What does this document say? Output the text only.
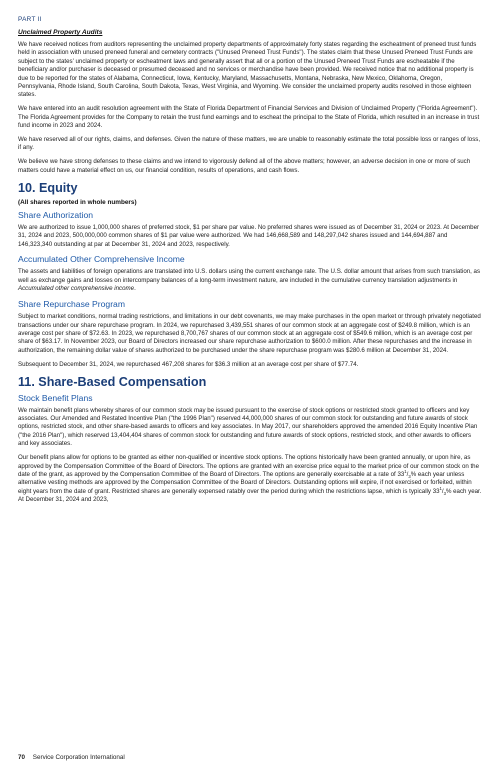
PART II
Unclaimed Property Audits

We have received notices from auditors representing the unclaimed property departments of approximately forty states regarding the escheatment of preneed trust funds held in association with unused preneed funeral and cemetery contracts ("Unused Preneed Trust Funds"). The states claim that these Unused Preneed Trust Funds are subject to the states' unclaimed property or escheatment laws and generally assert that all or a portion of the Unused Preneed Trust Funds are escheatable if the beneficiary and/or purchaser is deceased or presumed deceased and no services or merchandise have been provided. We received notice that no additional property is due to be reported for the states of Alabama, Connecticut, Iowa, Kentucky, Maryland, Massachusetts, Montana, Nebraska, New Mexico, Oklahoma, Oregon, Pennsylvania, Rhode Island, South Carolina, South Dakota, Texas, West Virginia, and Wyoming. We consider the unclaimed property audits resolved in those eighteen states.

We have entered into an audit resolution agreement with the State of Florida Department of Financial Services and Division of Unclaimed Property ("Florida Agreement"). The Florida Agreement provides for the Company to retain the trust fund earnings and to escheat the principal to the State of Florida, which resulted in an increase in trust fund income in 2023 and 2024.

We have reserved all of our rights, claims, and defenses. Given the nature of these matters, we are unable to reasonably estimate the total possible loss or ranges of loss, if any.

We believe we have strong defenses to these claims and we intend to vigorously defend all of the above matters; however, an adverse decision in one or more of such matters could have a material effect on us, our financial condition, results of operations, and cash flows.

10. Equity
(All shares reported in whole numbers)
Share Authorization

We are authorized to issue 1,000,000 shares of preferred stock, $1 per share par value. No preferred shares were issued as of December 31, 2024 or 2023. At December 31, 2024 and 2023, 500,000,000 common shares of $1 par value were authorized. We had 146,668,589 and 148,297,042 shares issued and 144,694,887 and 146,323,340 outstanding at par at December 31, 2024 and 2023, respectively.

Accumulated Other Comprehensive Income

The assets and liabilities of foreign operations are translated into U.S. dollars using the current exchange rate. The U.S. dollar amount that arises from such translation, as well as exchange gains and losses on intercompany balances of a long-term investment nature, are included in the cumulative currency translation adjustments in Accumulated other comprehensive income.

Share Repurchase Program

Subject to market conditions, normal trading restrictions, and limitations in our debt covenants, we may make purchases in the open market or through privately negotiated transactions under our share repurchase program. In 2024, we repurchased 3,439,551 shares of our common stock at an aggregate cost of $249.8 million, which is an average cost per share of $72.63. In 2023, we repurchased 8,700,767 shares of our common stock at an aggregate cost of $549.6 million, which is an average cost per share of $63.17. In November 2023, our Board of Directors increased our share repurchase authorization to $600.0 million. After these repurchases and the increase in authorization, the remaining dollar value of shares authorized to be purchased under the share repurchase program was $280.6 million at December 31, 2024.

Subsequent to December 31, 2024, we repurchased 467,208 shares for $36.3 million at an average cost per share of $77.74.

11. Share-Based Compensation
Stock Benefit Plans

We maintain benefit plans whereby shares of our common stock may be issued pursuant to the exercise of stock options or restricted stock granted to officers and key associates. Our Amended and Restated Incentive Plan ("the 1996 Plan") reserved 44,000,000 shares of our common stock for outstanding and future awards of stock options, restricted stock, and other share-based awards to officers and key associates. In May 2017, our shareholders approved the amended 2016 Equity Incentive Plan ("the 2016 Plan"), which reserved 13,404,404 shares of common stock for outstanding and future awards of stock options, restricted stock, and other awards to officers and key associates.

Our benefit plans allow for options to be granted as either non-qualified or incentive stock options. The options historically have been granted annually, or upon hire, as approved by the Compensation Committee of the Board of Directors. The options are granted with an exercise price equal to the market price of our common stock on the date of the grant, as approved by the Compensation Committee of the Board of Directors. The options are generally exercisable at a rate of $33^1/_3\%$ each year unless alternative vesting methods are approved by the Compensation Committee of the Board of Directors. Outstanding options will expire, if not exercised or forfeited, within eight years from the date of grant. Restricted shares are generally expensed ratably over the period during which the restrictions lapse, which is typically $33^1/_3\%$ each year. At December 31, 2024 and 2023,

70 Service Corporation International
